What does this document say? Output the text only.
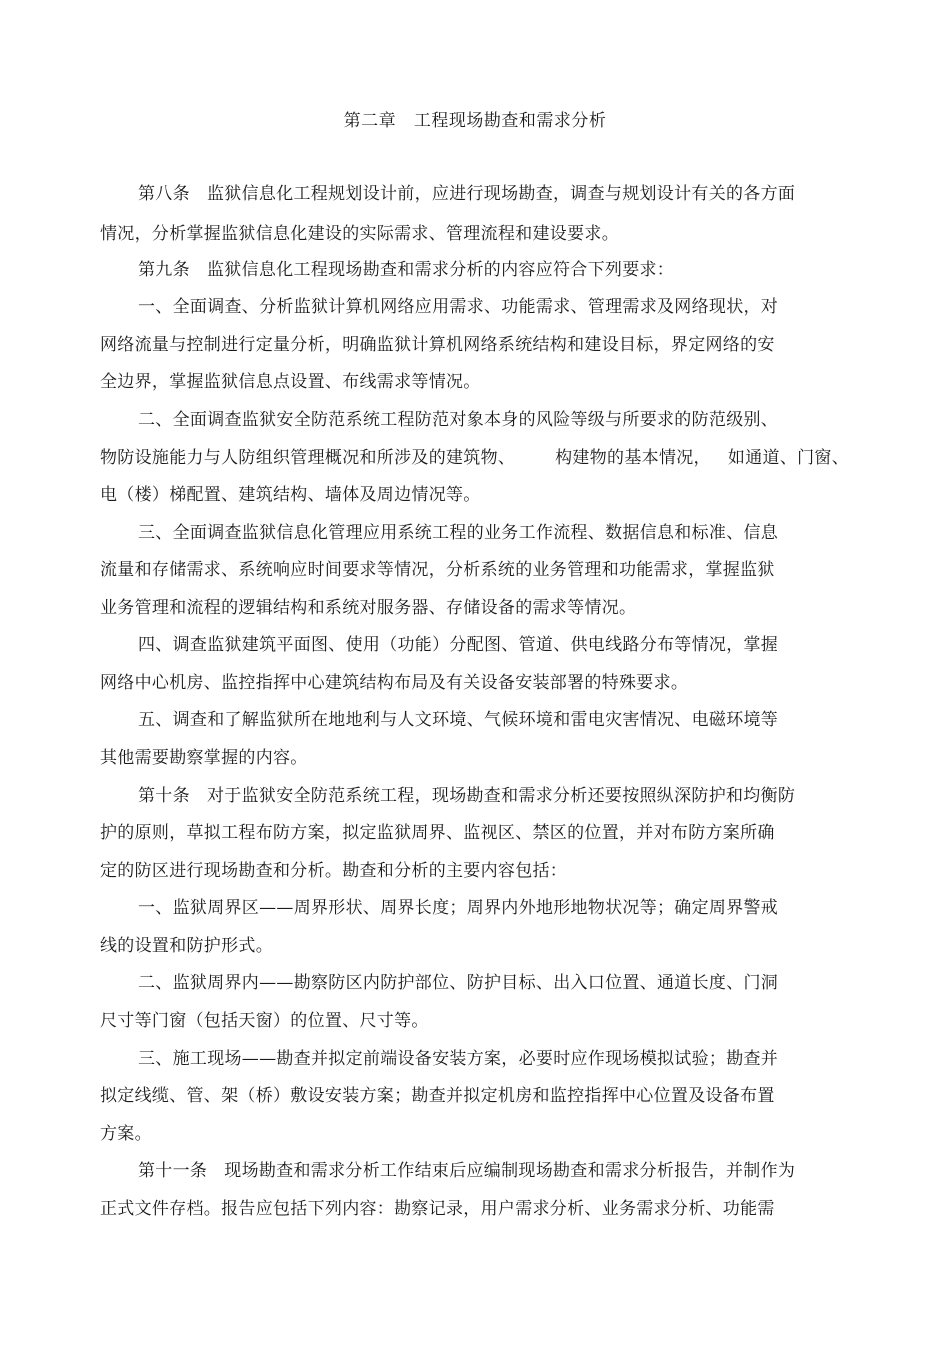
第二章   工程现场勘查和需求分析
第八条   监狱信息化工程规划设计前，应进行现场勘查，调查与规划设计有关的各方面
情况，分析掌握监狱信息化建设的实际需求、管理流程和建设要求。
第九条   监狱信息化工程现场勘查和需求分析的内容应符合下列要求：
一、全面调查、分析监狱计算机网络应用需求、功能需求、管理需求及网络现状，对
网络流量与控制进行定量分析，明确监狱计算机网络系统结构和建设目标，界定网络的安
全边界，掌握监狱信息点设置、布线需求等情况。
二、全面调查监狱安全防范系统工程防范对象本身的风险等级与所要求的防范级别、
物防设施能力与人防组织管理概况和所涉及的建筑物、       构建物的基本情况，   如通道、门窗、
电（楼）梯配置、建筑结构、墙体及周边情况等。
三、全面调查监狱信息化管理应用系统工程的业务工作流程、数据信息和标准、信息
流量和存储需求、系统响应时间要求等情况，分析系统的业务管理和功能需求，掌握监狱
业务管理和流程的逻辑结构和系统对服务器、存储设备的需求等情况。
四、调查监狱建筑平面图、使用（功能）分配图、管道、供电线路分布等情况，掌握
网络中心机房、监控指挥中心建筑结构布局及有关设备安装部署的特殊要求。
五、调查和了解监狱所在地地利与人文环境、气候环境和雷电灾害情况、电磁环境等
其他需要勘察掌握的内容。
第十条   对于监狱安全防范系统工程，现场勘查和需求分析还要按照纵深防护和均衡防
护的原则，草拟工程布防方案，拟定监狱周界、监视区、禁区的位置，并对布防方案所确
定的防区进行现场勘查和分析。勘查和分析的主要内容包括：
一、监狱周界区——周界形状、周界长度；周界内外地形地物状况等；确定周界警戒
线的设置和防护形式。
二、监狱周界内——勘察防区内防护部位、防护目标、出入口位置、通道长度、门洞
尺寸等门窗（包括天窗）的位置、尺寸等。
三、施工现场——勘查并拟定前端设备安装方案，必要时应作现场模拟试验；勘查并
拟定线缆、管、架（桥）敷设安装方案；勘查并拟定机房和监控指挥中心位置及设备布置
方案。
第十一条   现场勘查和需求分析工作结束后应编制现场勘查和需求分析报告，并制作为
正式文件存档。报告应包括下列内容：勘察记录，用户需求分析、业务需求分析、功能需
